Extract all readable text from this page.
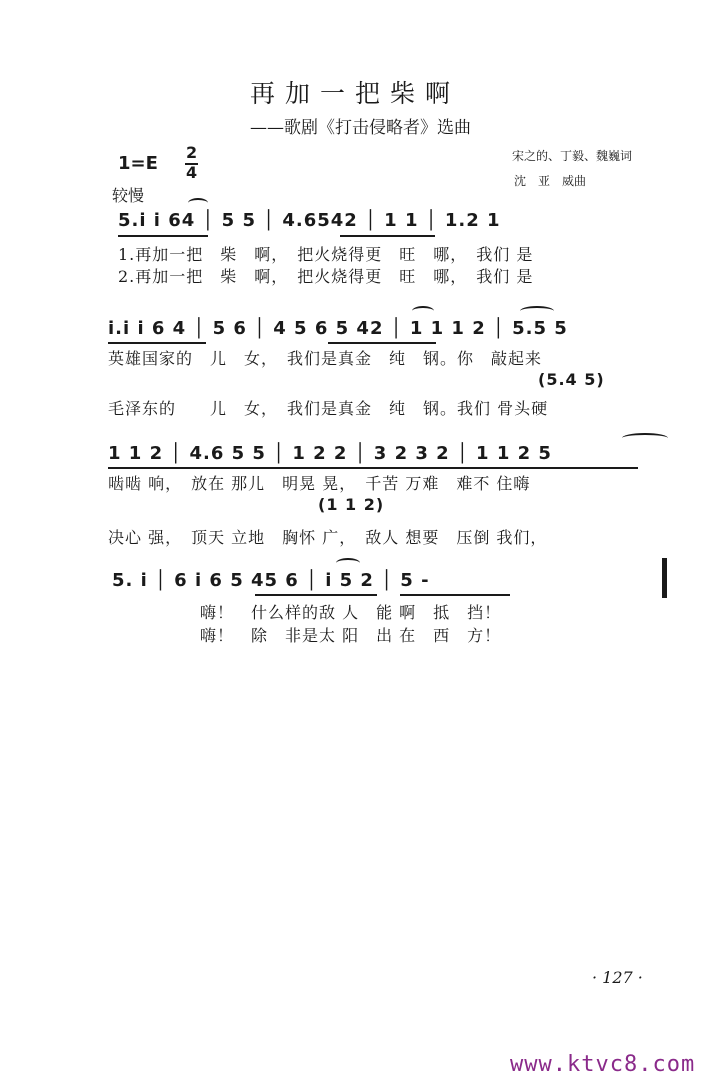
再加一把柴啊
——歌剧《打击侵略者》选曲
1=E
2
4
较慢
宋之的、丁毅、魏巍词
沈　亚　威曲
5.i i 64 │ 5 5 │ 4.6542 │ 1 1 │ 1.2 1
1.再加一把　柴　啊，　把火烧得更　旺　哪，　我们 是
2.再加一把　柴　啊，　把火烧得更　旺　哪，　我们 是
i.i i 6 4 │ 5 6 │ 4 5 6 5 42 │ 1 1 1 2 │ 5.5 5
英雄国家的　儿　女，　我们是真金　纯　钢。你　敲起来
(5.4 5)
毛泽东的　　儿　女，　我们是真金　纯　钢。我们 骨头硬
1 1 2 │ 4.6 5 5 │ 1 2 2 │ 3 2 3 2 │ 1 1 2 5
啮啮 响，　放在 那儿　明晃 晃，　千苦 万难　难不 住嗨
(1 1 2)
决心 强，　顶天 立地　胸怀 广，　敌人 想要　压倒 我们，
5. i │ 6 i 6 5 45 6 │ i 5 2 │ 5 -
嗨！　什么样的敌 人　能 啊　抵　挡！
嗨！　除　非是太 阳　出 在　西　方！
· 127 ·
www.ktvc8.com
